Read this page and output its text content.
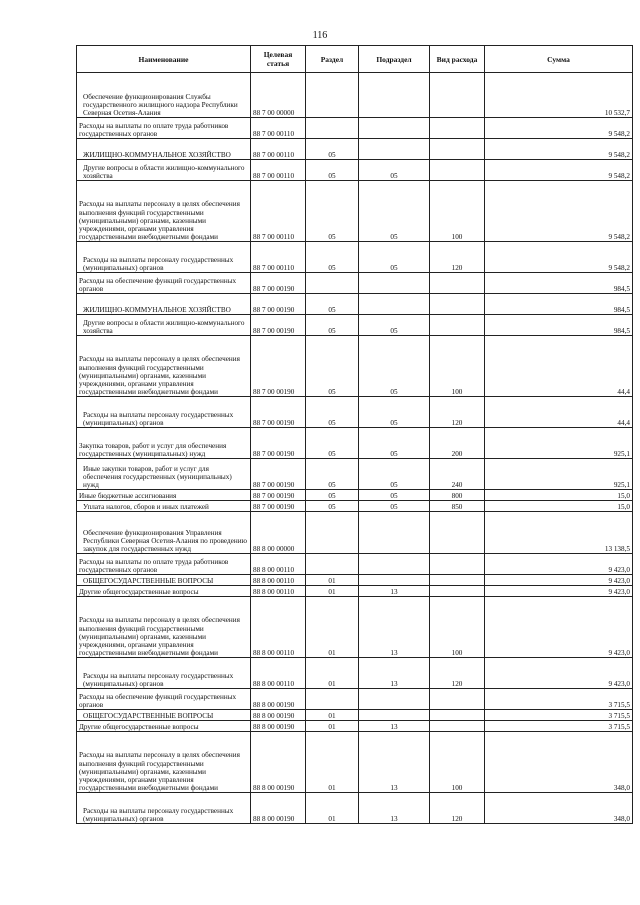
116
Наименование	Целевая статья	Раздел	Подраздел	Вид расхода	Сумма
Обеспечение функционирования Службы государственного жилищного надзора Республики Северная Осетия-Алания	88 7 00 00000				10 532,7
Расходы на выплаты по оплате труда работников государственных органов	88 7 00 00110				9 548,2
ЖИЛИЩНО-КОММУНАЛЬНОЕ ХОЗЯЙСТВО	88 7 00 00110	05			9 548,2
Другие вопросы в области жилищно-коммунального хозяйства	88 7 00 00110	05	05		9 548,2
Расходы на выплаты персоналу в целях обеспечения выполнения функций государственными (муниципальными) органами, казенными учреждениями, органами управления государственными внебюджетными фондами	88 7 00 00110	05	05	100	9 548,2
Расходы на выплаты персоналу государственных (муниципальных) органов	88 7 00 00110	05	05	120	9 548,2
Расходы на обеспечение функций государственных органов	88 7 00 00190				984,5
ЖИЛИЩНО-КОММУНАЛЬНОЕ ХОЗЯЙСТВО	88 7 00 00190	05			984,5
Другие вопросы в области жилищно-коммунального хозяйства	88 7 00 00190	05	05		984,5
Расходы на выплаты персоналу в целях обеспечения выполнения функций государственными (муниципальными) органами, казенными учреждениями, органами управления государственными внебюджетными фондами	88 7 00 00190	05	05	100	44,4
Расходы на выплаты персоналу государственных (муниципальных) органов	88 7 00 00190	05	05	120	44,4
Закупка товаров, работ и услуг для обеспечения государственных (муниципальных) нужд	88 7 00 00190	05	05	200	925,1
Иные закупки товаров, работ и услуг для обеспечения государственных (муниципальных) нужд	88 7 00 00190	05	05	240	925,1
Иные бюджетные ассигнования	88 7 00 00190	05	05	800	15,0
Уплата налогов, сборов и иных платежей	88 7 00 00190	05	05	850	15,0
Обеспечение функционирования Управления Республики Северная Осетия-Алания по проведению закупок для государственных нужд	88 8 00 00000				13 138,5
Расходы на выплаты по оплате труда работников государственных органов	88 8 00 00110				9 423,0
ОБЩЕГОСУДАРСТВЕННЫЕ ВОПРОСЫ	88 8 00 00110	01			9 423,0
Другие общегосударственные вопросы	88 8 00 00110	01	13		9 423,0
Расходы на выплаты персоналу в целях обеспечения выполнения функций государственными (муниципальными) органами, казенными учреждениями, органами управления государственными внебюджетными фондами	88 8 00 00110	01	13	100	9 423,0
Расходы на выплаты персоналу государственных (муниципальных) органов	88 8 00 00110	01	13	120	9 423,0
Расходы на обеспечение функций государственных органов	88 8 00 00190				3 715,5
ОБЩЕГОСУДАРСТВЕННЫЕ ВОПРОСЫ	88 8 00 00190	01			3 715,5
Другие общегосударственные вопросы	88 8 00 00190	01	13		3 715,5
Расходы на выплаты персоналу в целях обеспечения выполнения функций государственными (муниципальными) органами, казенными учреждениями, органами управления государственными внебюджетными фондами	88 8 00 00190	01	13	100	348,0
Расходы на выплаты персоналу государственных (муниципальных) органов	88 8 00 00190	01	13	120	348,0
